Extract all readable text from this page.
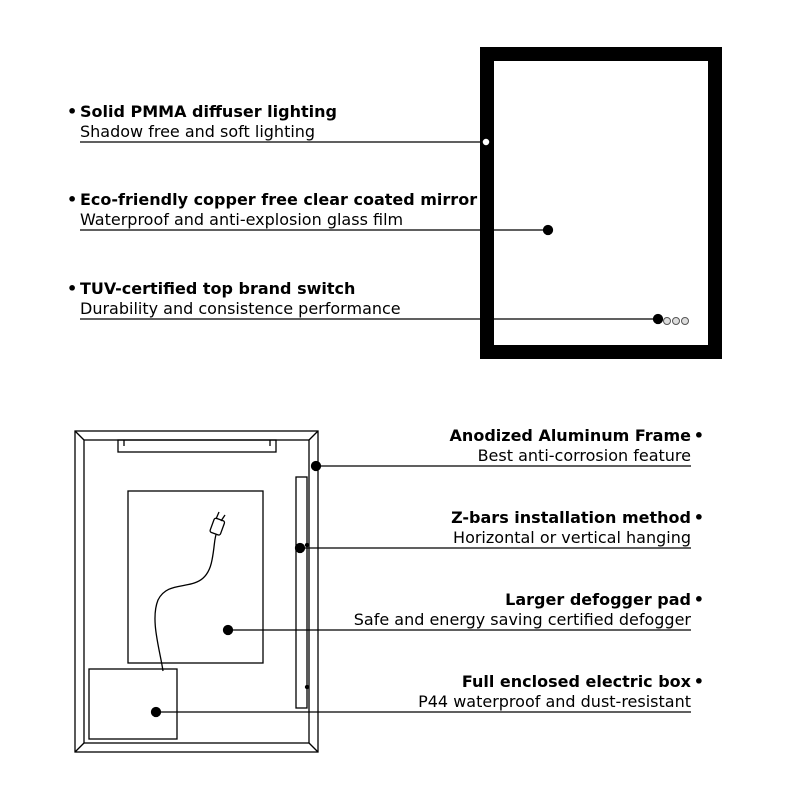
• Solid PMMA diffuser lighting
Shadow free and soft lighting
• Eco-friendly copper free clear coated mirror
Waterproof and anti-explosion glass film
• TUV-certified top brand switch
Durability and consistence performance
•
Anodized Aluminum Frame
Best anti-corrosion feature
•
Z-bars installation method
Horizontal or vertical hanging
•
Larger defogger pad
Safe and energy saving certified defogger
•
Full enclosed electric box
P44 waterproof and dust-resistant
